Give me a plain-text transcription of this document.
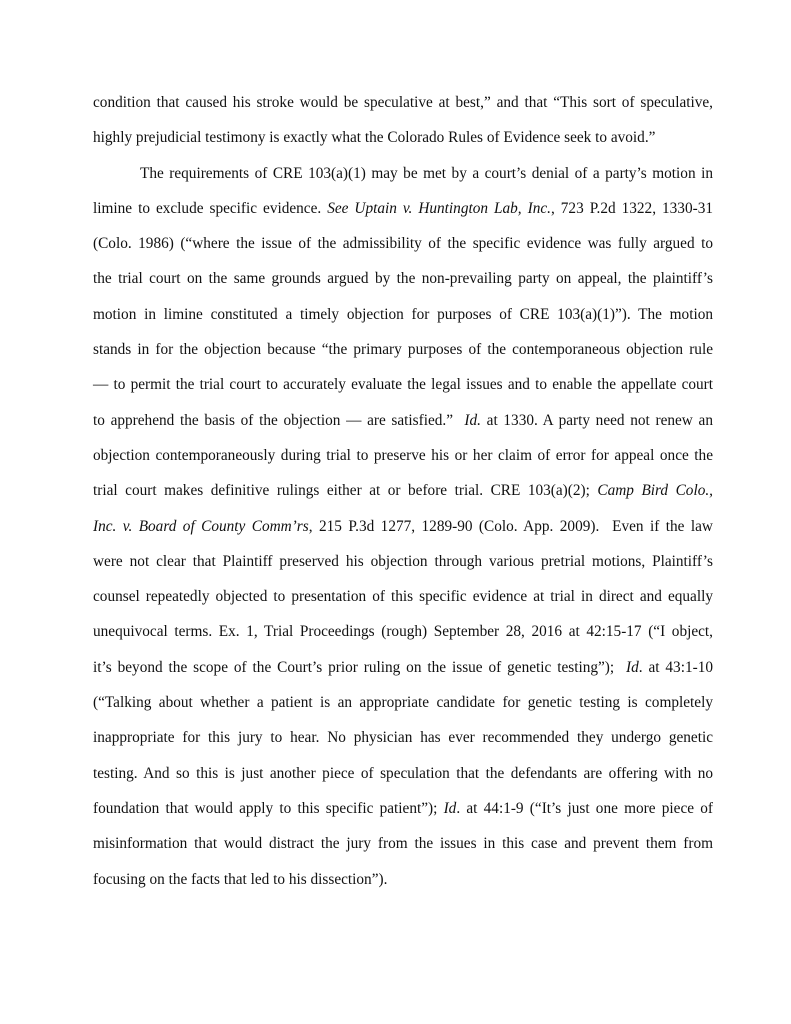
condition that caused his stroke would be speculative at best,” and that “This sort of speculative,
highly prejudicial testimony is exactly what the Colorado Rules of Evidence seek to avoid.”
The requirements of CRE 103(a)(1) may be met by a court’s denial of a party’s motion in
limine to exclude specific evidence. See Uptain v. Huntington Lab, Inc., 723 P.2d 1322, 1330-31
(Colo. 1986) (“where the issue of the admissibility of the specific evidence was fully argued to
the trial court on the same grounds argued by the non-prevailing party on appeal, the plaintiff’s
motion in limine constituted a timely objection for purposes of CRE 103(a)(1)”). The motion
stands in for the objection because “the primary purposes of the contemporaneous objection rule
— to permit the trial court to accurately evaluate the legal issues and to enable the appellate court
to apprehend the basis of the objection — are satisfied.”  Id. at 1330. A party need not renew an
objection contemporaneously during trial to preserve his or her claim of error for appeal once the
trial court makes definitive rulings either at or before trial. CRE 103(a)(2); Camp Bird Colo.,
Inc. v. Board of County Comm’rs, 215 P.3d 1277, 1289-90 (Colo. App. 2009).  Even if the law
were not clear that Plaintiff preserved his objection through various pretrial motions, Plaintiff’s
counsel repeatedly objected to presentation of this specific evidence at trial in direct and equally
unequivocal terms. Ex. 1, Trial Proceedings (rough) September 28, 2016 at 42:15-17 (“I object,
it’s beyond the scope of the Court’s prior ruling on the issue of genetic testing”);  Id. at 43:1-10
(“Talking about whether a patient is an appropriate candidate for genetic testing is completely
inappropriate for this jury to hear. No physician has ever recommended they undergo genetic
testing. And so this is just another piece of speculation that the defendants are offering with no
foundation that would apply to this specific patient”); Id. at 44:1-9 (“It’s just one more piece of
misinformation that would distract the jury from the issues in this case and prevent them from
focusing on the facts that led to his dissection”).
